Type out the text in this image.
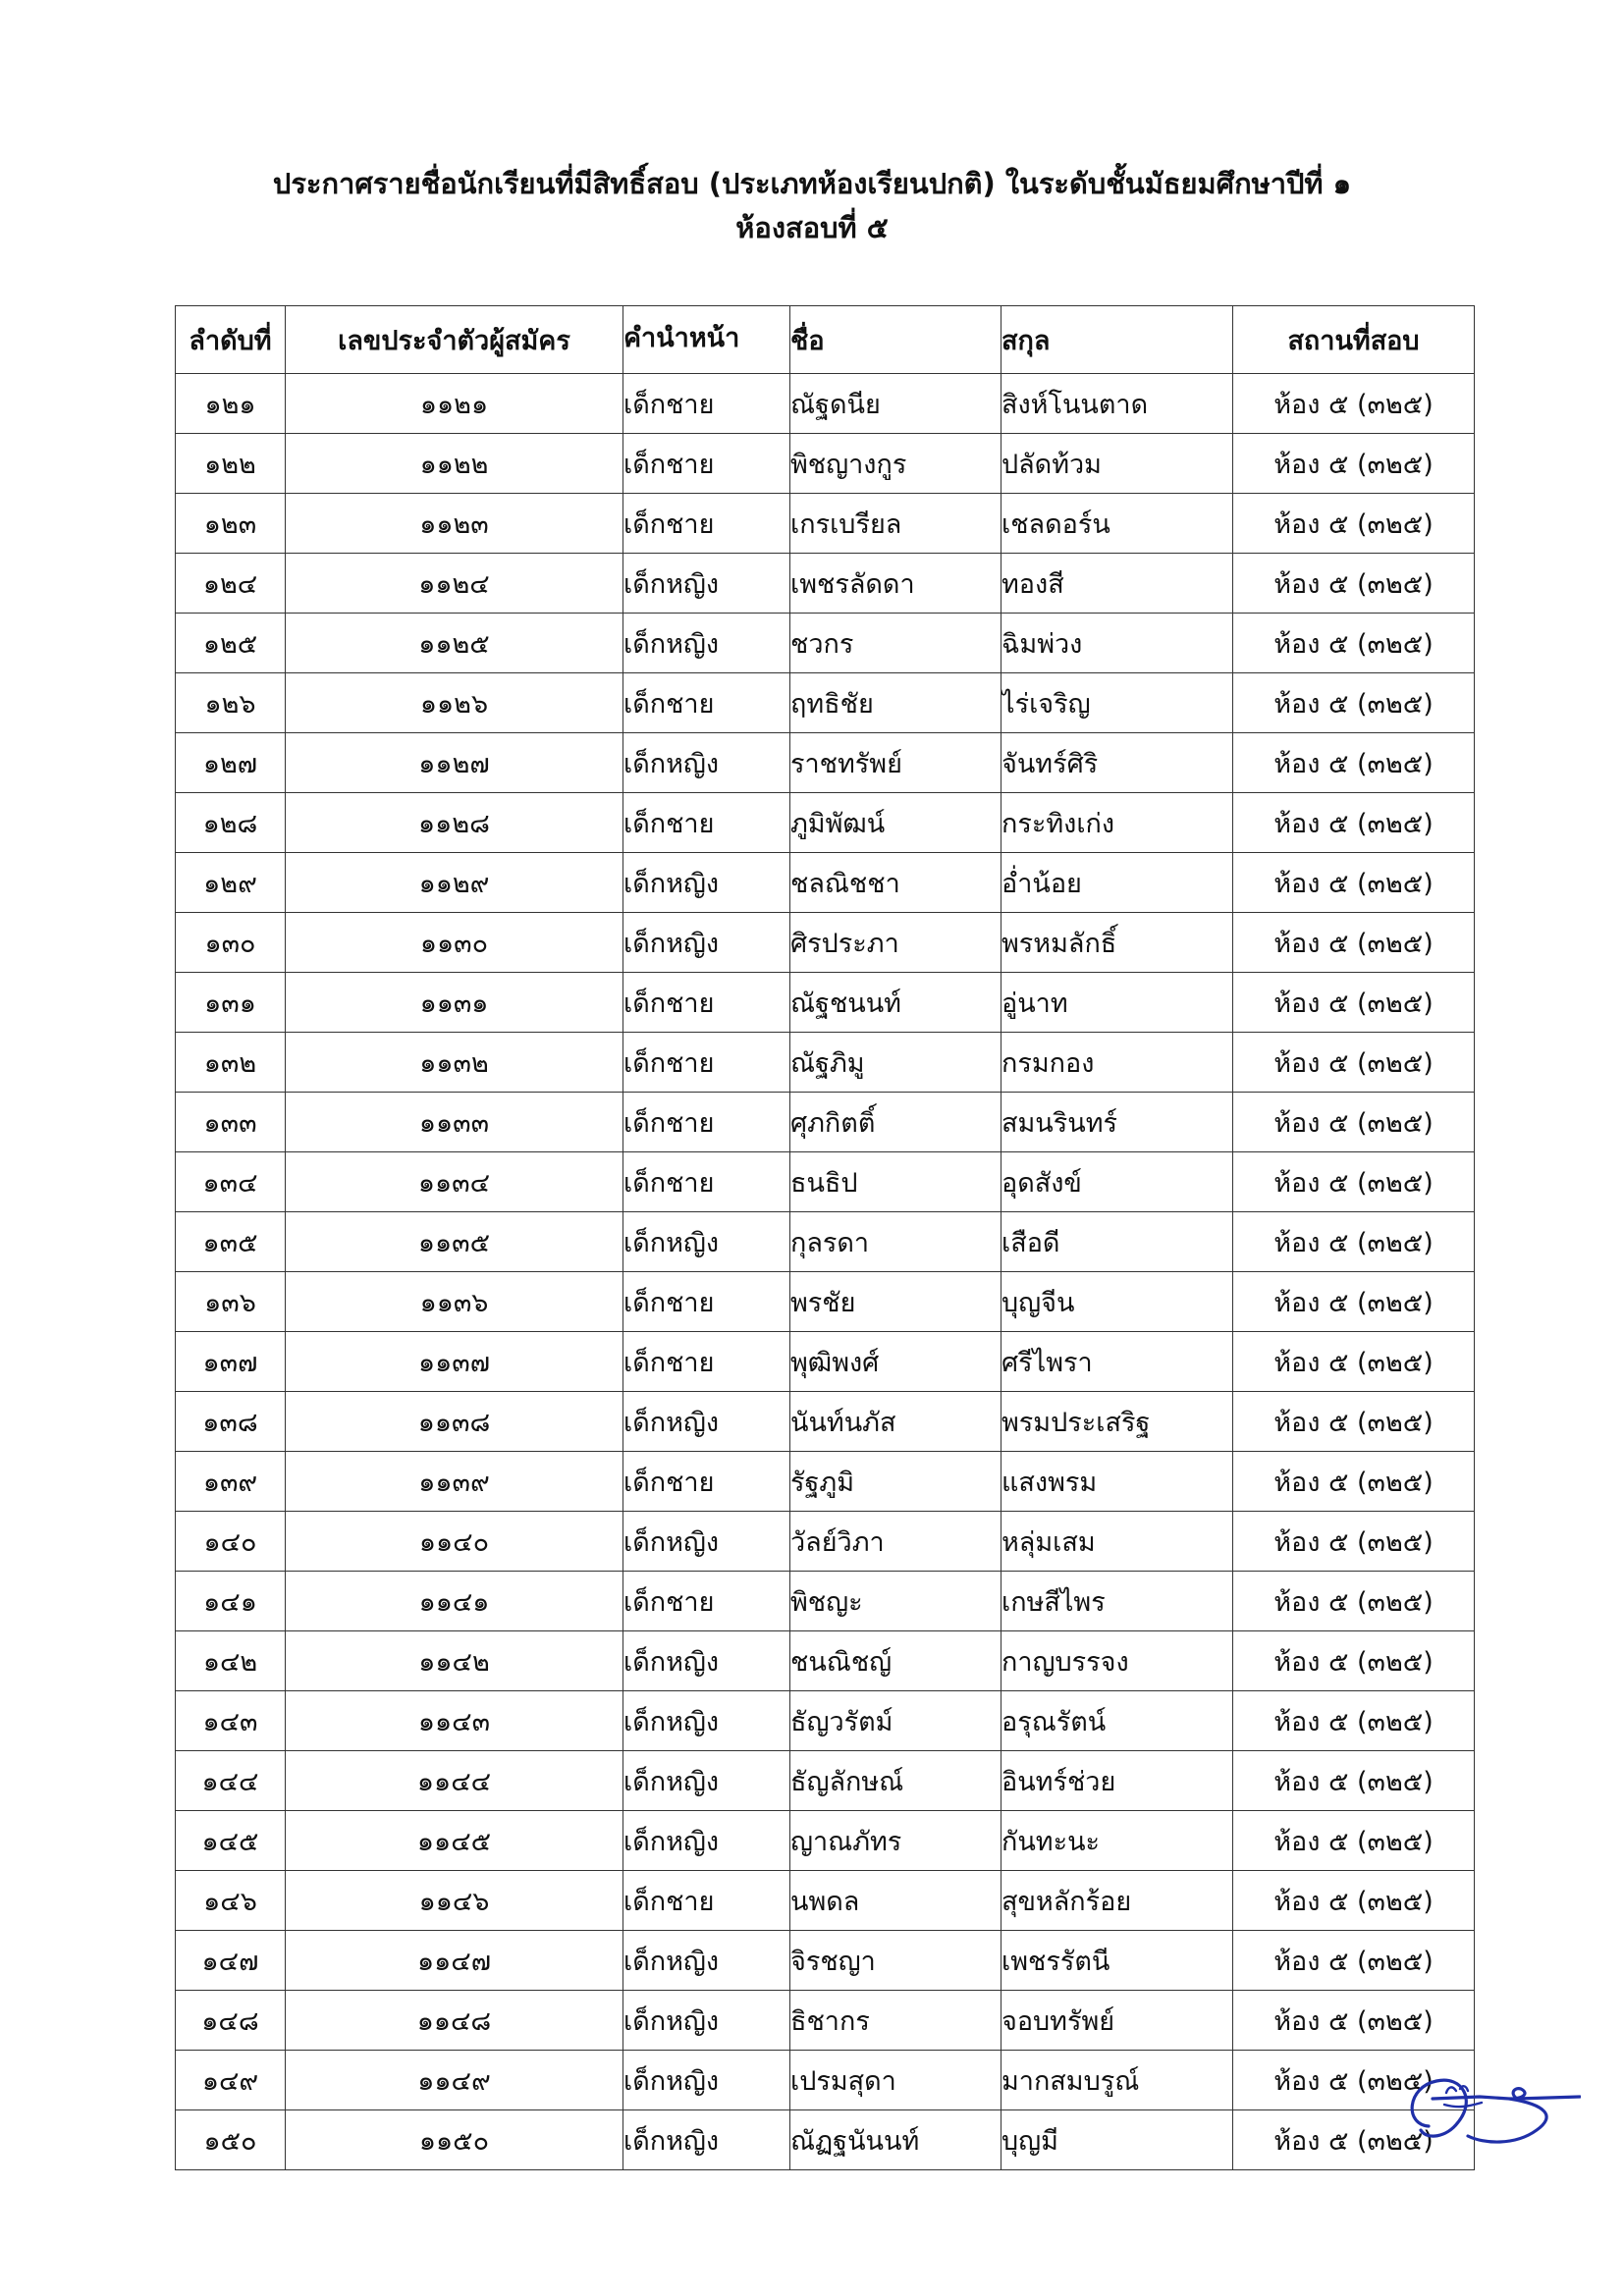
ประกาศรายชื่อนักเรียนที่มีสิทธิ์สอบ (ประเภทห้องเรียนปกติ) ในระดับชั้นมัธยมศึกษาปีที่ ๑
ห้องสอบที่ ๕
ลำดับที่	เลขประจำตัวผู้สมัคร	คำนำหน้า	ชื่อ	สกุล	สถานที่สอบ
๑๒๑	๑๑๒๑	เด็กชาย	ณัฐดนีย	สิงห์โนนตาด	ห้อง ๕ (๓๒๕)
๑๒๒	๑๑๒๒	เด็กชาย	พิชญางกูร	ปลัดท้วม	ห้อง ๕ (๓๒๕)
๑๒๓	๑๑๒๓	เด็กชาย	เกรเบรียล	เชลดอร์น	ห้อง ๕ (๓๒๕)
๑๒๔	๑๑๒๔	เด็กหญิง	เพชรลัดดา	ทองสี	ห้อง ๕ (๓๒๕)
๑๒๕	๑๑๒๕	เด็กหญิง	ชวกร	ฉิมพ่วง	ห้อง ๕ (๓๒๕)
๑๒๖	๑๑๒๖	เด็กชาย	ฤทธิชัย	ไร่เจริญ	ห้อง ๕ (๓๒๕)
๑๒๗	๑๑๒๗	เด็กหญิง	ราชทรัพย์	จันทร์ศิริ	ห้อง ๕ (๓๒๕)
๑๒๘	๑๑๒๘	เด็กชาย	ภูมิพัฒน์	กระทิงเก่ง	ห้อง ๕ (๓๒๕)
๑๒๙	๑๑๒๙	เด็กหญิง	ชลณิชชา	อ่ำน้อย	ห้อง ๕ (๓๒๕)
๑๓๐	๑๑๓๐	เด็กหญิง	ศิรประภา	พรหมลักธิ์	ห้อง ๕ (๓๒๕)
๑๓๑	๑๑๓๑	เด็กชาย	ณัฐชนนท์	อู่นาท	ห้อง ๕ (๓๒๕)
๑๓๒	๑๑๓๒	เด็กชาย	ณัฐภิมู	กรมกอง	ห้อง ๕ (๓๒๕)
๑๓๓	๑๑๓๓	เด็กชาย	ศุภกิตติ์	สมนรินทร์	ห้อง ๕ (๓๒๕)
๑๓๔	๑๑๓๔	เด็กชาย	ธนธิป	อุดสังข์	ห้อง ๕ (๓๒๕)
๑๓๕	๑๑๓๕	เด็กหญิง	กุลรดา	เสือดี	ห้อง ๕ (๓๒๕)
๑๓๖	๑๑๓๖	เด็กชาย	พรชัย	บุญจีน	ห้อง ๕ (๓๒๕)
๑๓๗	๑๑๓๗	เด็กชาย	พุฒิพงศ์	ศรีไพรา	ห้อง ๕ (๓๒๕)
๑๓๘	๑๑๓๘	เด็กหญิง	นันท์นภัส	พรมประเสริฐ	ห้อง ๕ (๓๒๕)
๑๓๙	๑๑๓๙	เด็กชาย	รัฐภูมิ	แสงพรม	ห้อง ๕ (๓๒๕)
๑๔๐	๑๑๔๐	เด็กหญิง	วัลย์วิภา	หลุ่มเสม	ห้อง ๕ (๓๒๕)
๑๔๑	๑๑๔๑	เด็กชาย	พิชญะ	เกษสีไพร	ห้อง ๕ (๓๒๕)
๑๔๒	๑๑๔๒	เด็กหญิง	ชนณิชญ์	กาญบรรจง	ห้อง ๕ (๓๒๕)
๑๔๓	๑๑๔๓	เด็กหญิง	ธัญวรัตม์	อรุณรัตน์	ห้อง ๕ (๓๒๕)
๑๔๔	๑๑๔๔	เด็กหญิง	ธัญลักษณ์	อินทร์ช่วย	ห้อง ๕ (๓๒๕)
๑๔๕	๑๑๔๕	เด็กหญิง	ญาณภัทร	กันทะนะ	ห้อง ๕ (๓๒๕)
๑๔๖	๑๑๔๖	เด็กชาย	นพดล	สุขหลักร้อย	ห้อง ๕ (๓๒๕)
๑๔๗	๑๑๔๗	เด็กหญิง	จิรชญา	เพชรรัตนี	ห้อง ๕ (๓๒๕)
๑๔๘	๑๑๔๘	เด็กหญิง	ธิชากร	จอบทรัพย์	ห้อง ๕ (๓๒๕)
๑๔๙	๑๑๔๙	เด็กหญิง	เปรมสุดา	มากสมบรูณ์	ห้อง ๕ (๓๒๕)
๑๕๐	๑๑๕๐	เด็กหญิง	ณัฏฐนันนท์	บุญมี	ห้อง ๕ (๓๒๕)
